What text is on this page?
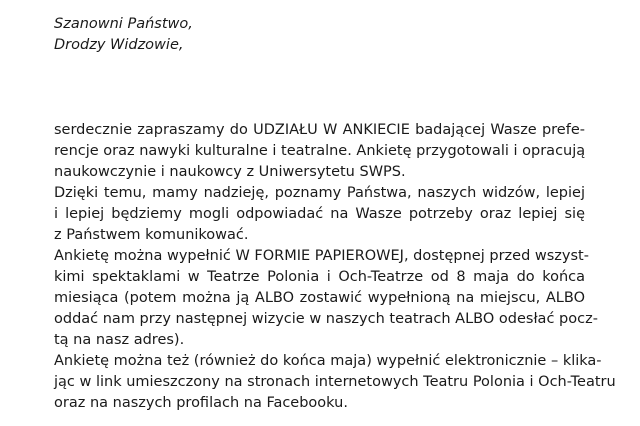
Szanowni Państwo,
Drodzy Widzowie,
serdecznie zapraszamy do UDZIAŁU W ANKIECIE badającej Wasze prefe-
rencje oraz nawyki kulturalne i teatralne. Ankietę przygotowali i opracują
naukowczynie i naukowcy z Uniwersytetu SWPS.
Dzięki temu, mamy nadzieję, poznamy Państwa, naszych widzów, lepiej
i lepiej będziemy mogli odpowiadać na Wasze potrzeby oraz lepiej się
z Państwem komunikować.
Ankietę można wypełnić W FORMIE PAPIEROWEJ, dostępnej przed wszyst-
kimi spektaklami w Teatrze Polonia i Och-Teatrze od 8 maja do końca
miesiąca (potem można ją ALBO zostawić wypełnioną na miejscu, ALBO
oddać nam przy następnej wizycie w naszych teatrach ALBO odesłać pocz-
tą na nasz adres).
Ankietę można też (również do końca maja) wypełnić elektronicznie – klika-
jąc w link umieszczony na stronach internetowych Teatru Polonia i Och-Teatru
oraz na naszych profilach na Facebooku.
